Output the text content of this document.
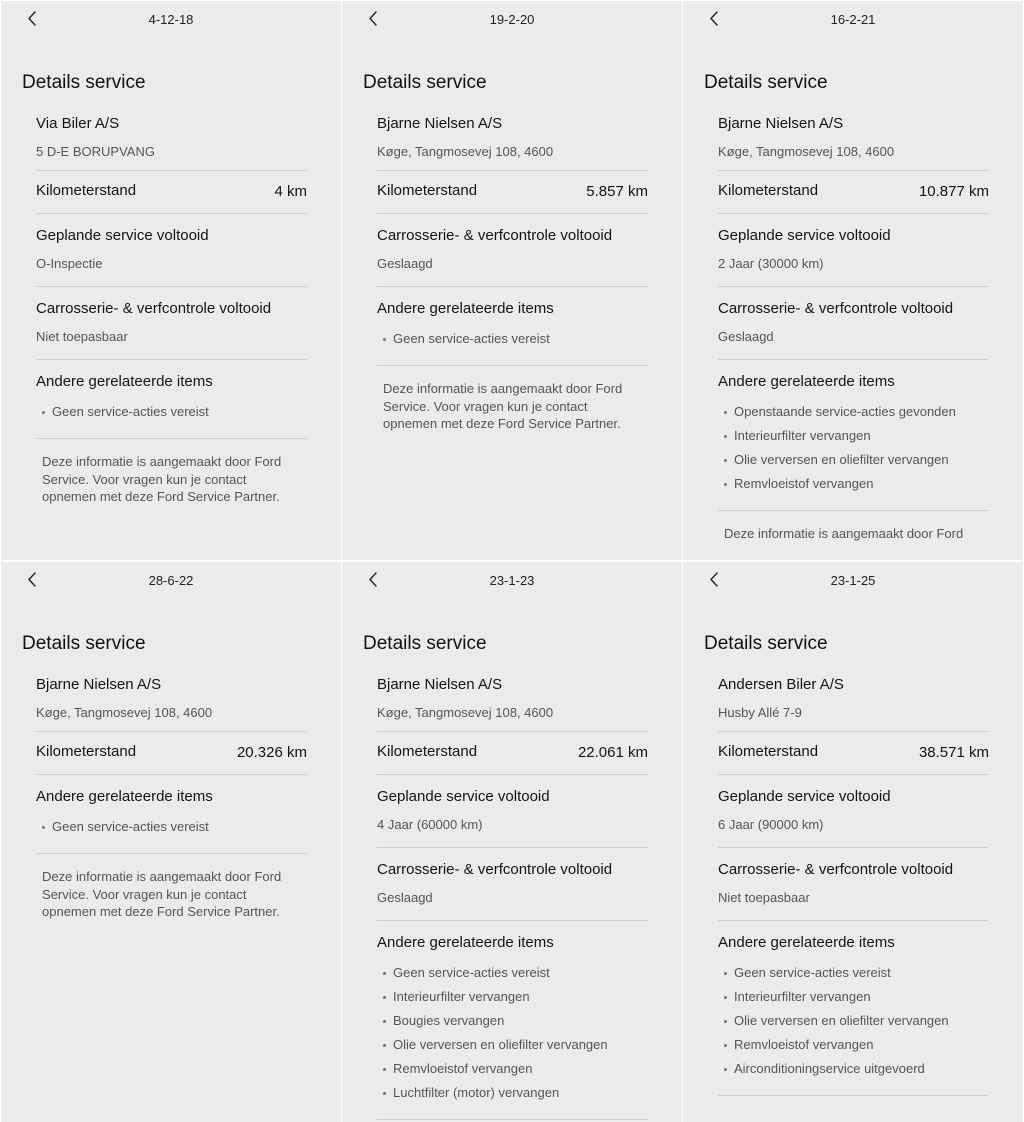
4-12-18
Details service
Via Biler A/S
5 D-E BORUPVANG
Kilometerstand	4 km
Geplande service voltooid
O-Inspectie
Carrosserie- & verfcontrole voltooid
Niet toepasbaar
Andere gerelateerde items
Geen service-acties vereist
Deze informatie is aangemaakt door Ford Service. Voor vragen kun je contact opnemen met deze Ford Service Partner.
19-2-20
Details service
Bjarne Nielsen A/S
Køge, Tangmosevej 108, 4600
Kilometerstand	5.857 km
Carrosserie- & verfcontrole voltooid
Geslaagd
Andere gerelateerde items
Geen service-acties vereist
Deze informatie is aangemaakt door Ford Service. Voor vragen kun je contact opnemen met deze Ford Service Partner.
16-2-21
Details service
Bjarne Nielsen A/S
Køge, Tangmosevej 108, 4600
Kilometerstand	10.877 km
Geplande service voltooid
2 Jaar (30000 km)
Carrosserie- & verfcontrole voltooid
Geslaagd
Andere gerelateerde items
Openstaande service-acties gevonden
Interieurfilter vervangen
Olie verversen en oliefilter vervangen
Remvloeistof vervangen
Deze informatie is aangemaakt door Ford
28-6-22
Details service
Bjarne Nielsen A/S
Køge, Tangmosevej 108, 4600
Kilometerstand	20.326 km
Andere gerelateerde items
Geen service-acties vereist
Deze informatie is aangemaakt door Ford Service. Voor vragen kun je contact opnemen met deze Ford Service Partner.
23-1-23
Details service
Bjarne Nielsen A/S
Køge, Tangmosevej 108, 4600
Kilometerstand	22.061 km
Geplande service voltooid
4 Jaar (60000 km)
Carrosserie- & verfcontrole voltooid
Geslaagd
Andere gerelateerde items
Geen service-acties vereist
Interieurfilter vervangen
Bougies vervangen
Olie verversen en oliefilter vervangen
Remvloeistof vervangen
Luchtfilter (motor) vervangen
23-1-25
Details service
Andersen Biler A/S
Husby Allé 7-9
Kilometerstand	38.571 km
Geplande service voltooid
6 Jaar (90000 km)
Carrosserie- & verfcontrole voltooid
Niet toepasbaar
Andere gerelateerde items
Geen service-acties vereist
Interieurfilter vervangen
Olie verversen en oliefilter vervangen
Remvloeistof vervangen
Airconditioningservice uitgevoerd
